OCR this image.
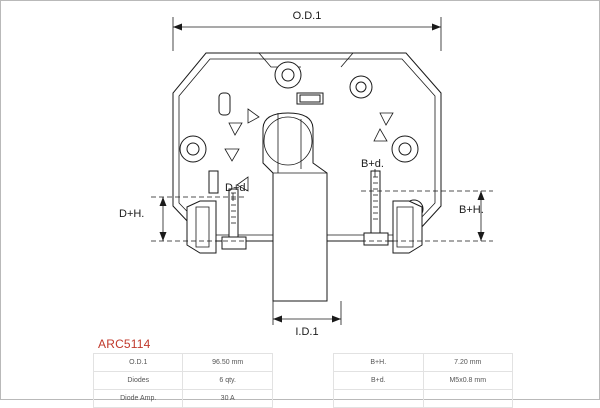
O.D.1
I.D.1
D+H.
D+d.
B+H.
B+d.
ARC5114
O.D.1	96.50 mm		B+H.	7.20 mm
Diodes	6 qty.		B+d.	M5x0.8 mm
Diode Amp.	30 A			
